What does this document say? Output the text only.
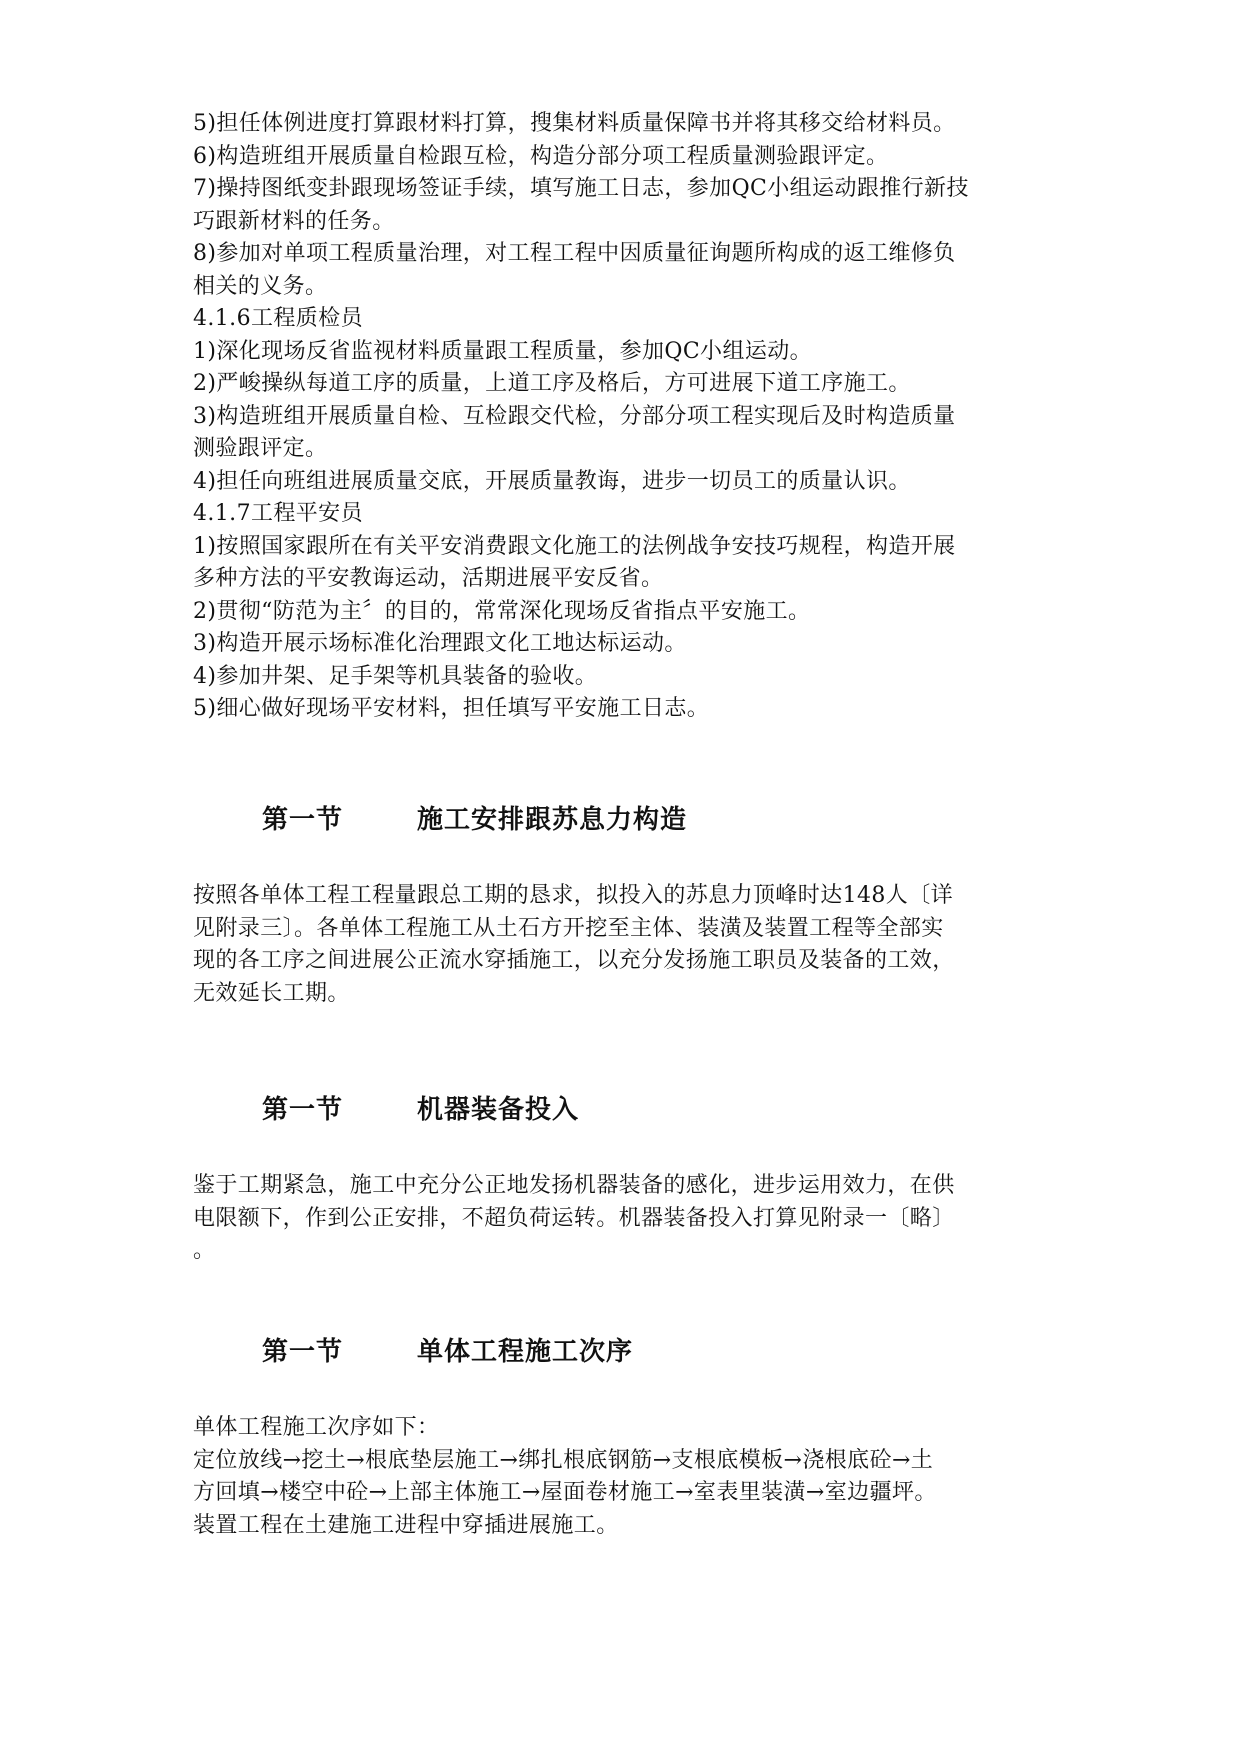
5)担任体例进度打算跟材料打算，搜集材料质量保障书并将其移交给材料员。

6)构造班组开展质量自检跟互检，构造分部分项工程质量测验跟评定。

7)操持图纸变卦跟现场签证手续，填写施工日志，参加QC小组运动跟推行新技

巧跟新材料的任务。

8)参加对单项工程质量治理，对工程工程中因质量征询题所构成的返工维修负

相关的义务。

4.1.6工程质检员

1)深化现场反省监视材料质量跟工程质量，参加QC小组运动。

2)严峻操纵每道工序的质量，上道工序及格后，方可进展下道工序施工。

3)构造班组开展质量自检、互检跟交代检，分部分项工程实现后及时构造质量

测验跟评定。

4)担任向班组进展质量交底，开展质量教诲，进步一切员工的质量认识。

4.1.7工程平安员

1)按照国家跟所在有关平安消费跟文化施工的法例战争安技巧规程，构造开展

多种方法的平安教诲运动，活期进展平安反省。

2)贯彻“防范为主〞的目的，常常深化现场反省指点平安施工。

3)构造开展示场标准化治理跟文化工地达标运动。

4)参加井架、足手架等机具装备的验收。

5)细心做好现场平安材料，担任填写平安施工日志。

第一节	施工安排跟苏息力构造

按照各单体工程工程量跟总工期的恳求，拟投入的苏息力顶峰时达148人〔详

见附录三〕。各单体工程施工从土石方开挖至主体、装潢及装置工程等全部实

现的各工序之间进展公正流水穿插施工，以充分发扬施工职员及装备的工效，

无效延长工期。

第一节	机器装备投入

鉴于工期紧急，施工中充分公正地发扬机器装备的感化，进步运用效力，在供

电限额下，作到公正安排，不超负荷运转。机器装备投入打算见附录一〔略〕

。

第一节	单体工程施工次序

单体工程施工次序如下：

定位放线→挖土→根底垫层施工→绑扎根底钢筋→支根底模板→浇根底砼→土

方回填→楼空中砼→上部主体施工→屋面卷材施工→室表里装潢→室边疆坪。

装置工程在土建施工进程中穿插进展施工。
